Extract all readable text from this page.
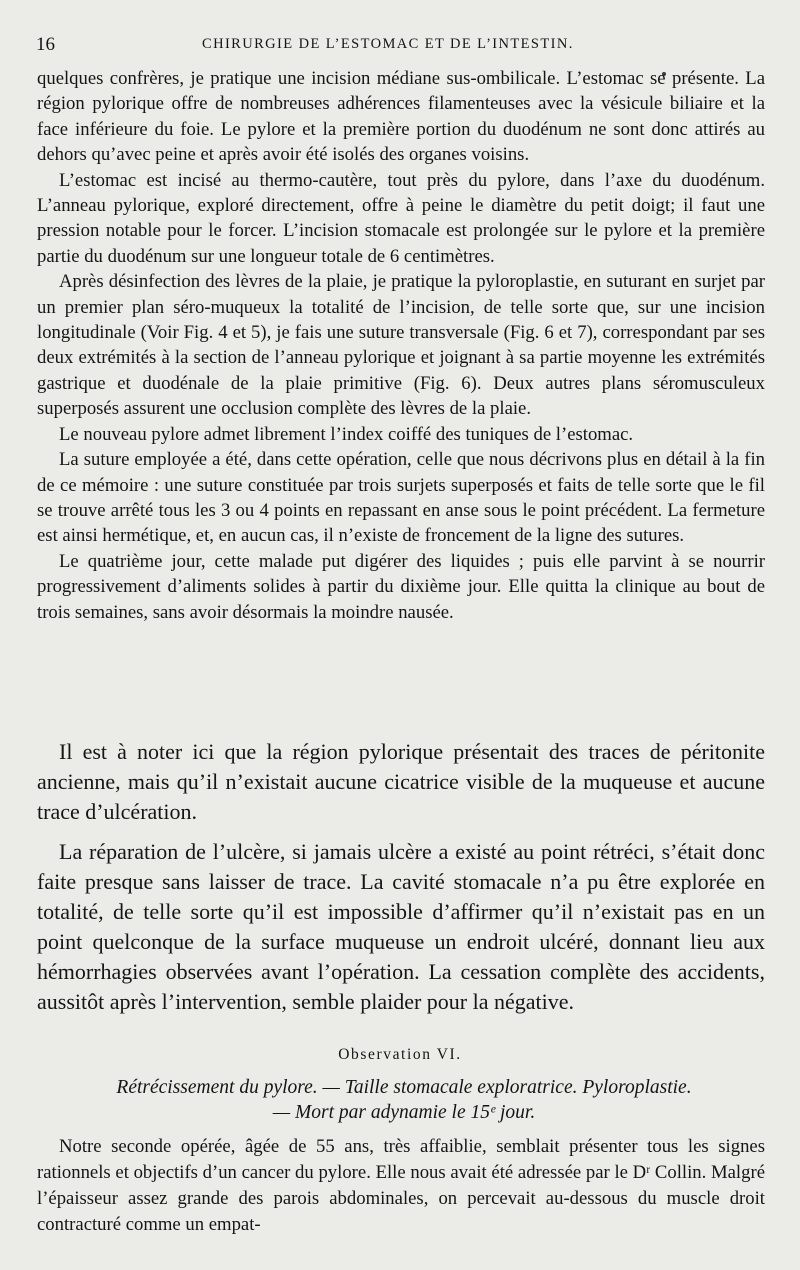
16	CHIRURGIE DE L’ESTOMAC ET DE L’INTESTIN.

quelques confrères, je pratique une incision médiane sus-ombilicale. L’estomac se présente. La région pylorique offre de nombreuses adhérences filamenteuses avec la vésicule biliaire et la face inférieure du foie. Le pylore et la première portion du duodénum ne sont donc attirés au dehors qu’avec peine et après avoir été isolés des organes voisins.

L’estomac est incisé au thermo-cautère, tout près du pylore, dans l’axe du duodénum. L’anneau pylorique, exploré directement, offre à peine le diamètre du petit doigt; il faut une pression notable pour le forcer. L’incision stomacale est prolongée sur le pylore et la première partie du duodénum sur une longueur totale de 6 centimètres.

Après désinfection des lèvres de la plaie, je pratique la pyloroplastie, en suturant en surjet par un premier plan séro-muqueux la totalité de l’incision, de telle sorte que, sur une incision longitudinale (Voir Fig. 4 et 5), je fais une suture transversale (Fig. 6 et 7), correspondant par ses deux extrémités à la section de l’anneau pylorique et joignant à sa partie moyenne les extrémités gastrique et duodénale de la plaie primitive (Fig. 6). Deux autres plans séromusculeux superposés assurent une occlusion complète des lèvres de la plaie.

Le nouveau pylore admet librement l’index coiffé des tuniques de l’estomac.

La suture employée a été, dans cette opération, celle que nous décrivons plus en détail à la fin de ce mémoire : une suture constituée par trois surjets superposés et faits de telle sorte que le fil se trouve arrêté tous les 3 ou 4 points en repassant en anse sous le point précédent. La fermeture est ainsi hermétique, et, en aucun cas, il n’existe de froncement de la ligne des sutures.

Le quatrième jour, cette malade put digérer des liquides ; puis elle parvint à se nourrir progressivement d’aliments solides à partir du dixième jour. Elle quitta la clinique au bout de trois semaines, sans avoir désormais la moindre nausée.

Il est à noter ici que la région pylorique présentait des traces de péritonite ancienne, mais qu’il n’existait aucune cicatrice visible de la muqueuse et aucune trace d’ulcération.

La réparation de l’ulcère, si jamais ulcère a existé au point rétréci, s’était donc faite presque sans laisser de trace. La cavité stomacale n’a pu être explorée en totalité, de telle sorte qu’il est impossible d’affirmer qu’il n’existait pas en un point quelconque de la surface muqueuse un endroit ulcéré, donnant lieu aux hémorrhagies observées avant l’opération. La cessation complète des accidents, aussitôt après l’intervention, semble plaider pour la négative.

Observation VI.
Rétrécissement du pylore. — Taille stomacale exploratrice. Pyloroplastie.
— Mort par adynamie le 15ᵉ jour.

Notre seconde opérée, âgée de 55 ans, très affaiblie, semblait présenter tous les signes rationnels et objectifs d’un cancer du pylore. Elle nous avait été adressée par le Dʳ Collin. Malgré l’épaisseur assez grande des parois abdominales, on percevait au-dessous du muscle droit contracturé comme un empat-
